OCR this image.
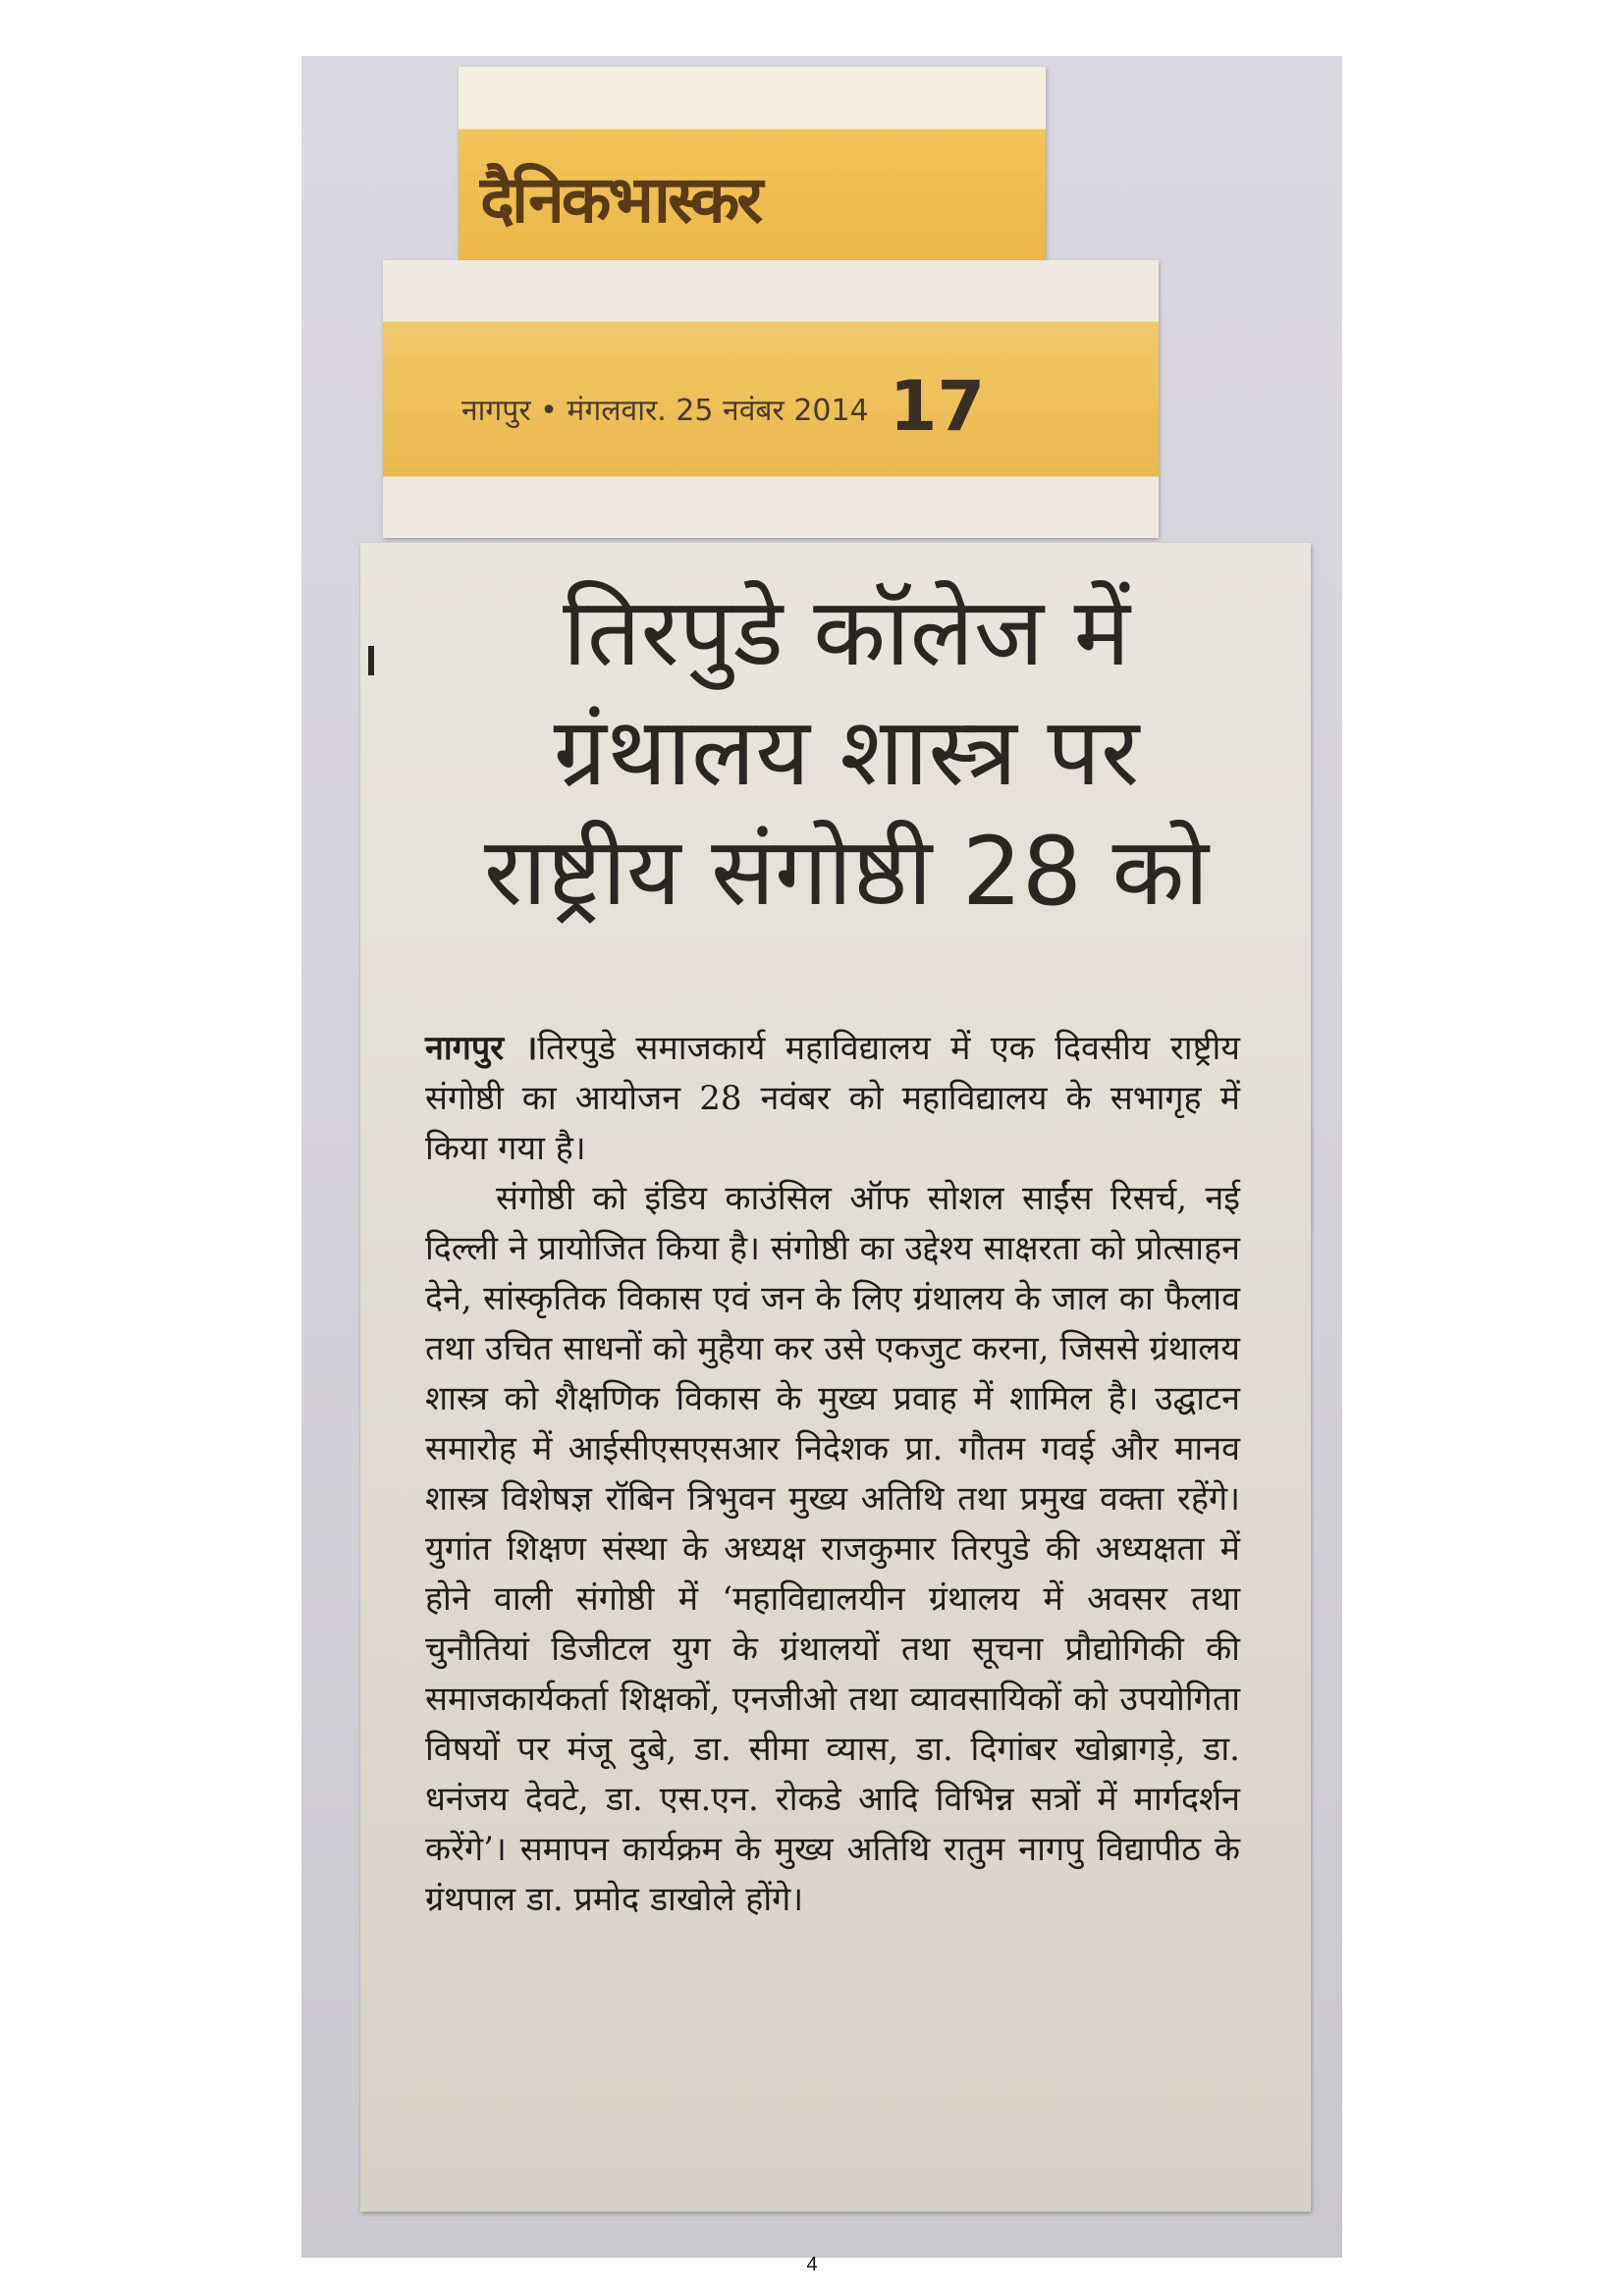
दैनिकभास्कर
नागपुर • मंगलवार. 25 नवंबर 2014 17
तिरपुडे कॉलेज में
ग्रंथालय शास्त्र पर
राष्ट्रीय संगोष्ठी 28 को

नागपुर ।तिरपुडे समाजकार्य महाविद्यालय में एक दिवसीय राष्ट्रीय संगोष्ठी का आयोजन 28 नवंबर को महाविद्यालय के सभागृह में किया गया है।

संगोष्ठी को इंडिय काउंसिल ऑफ सोशल साईंस रिसर्च, नई दिल्ली ने प्रायोजित किया है। संगोष्ठी का उद्देश्य साक्षरता को प्रोत्साहन देने, सांस्कृतिक विकास एवं जन के लिए ग्रंथालय के जाल का फैलाव तथा उचित साधनों को मुहैया कर उसे एकजुट करना, जिससे ग्रंथालय शास्त्र को शैक्षणिक विकास के मुख्य प्रवाह में शामिल है। उद्घाटन समारोह में आईसीएसएसआर निदेशक प्रा. गौतम गवई और मानव शास्त्र विशेषज्ञ रॉबिन त्रिभुवन मुख्य अतिथि तथा प्रमुख वक्ता रहेंगे। युगांत शिक्षण संस्था के अध्यक्ष राजकुमार तिरपुडे की अध्यक्षता में होने वाली संगोष्ठी में ‘महाविद्यालयीन ग्रंथालय में अवसर तथा चुनौतियां डिजीटल युग के ग्रंथालयों तथा सूचना प्रौद्योगिकी की समाजकार्यकर्ता शिक्षकों, एनजीओ तथा व्यावसायिकों को उपयोगिता विषयों पर मंजू दुबे, डा. सीमा व्यास, डा. दिगांबर खोब्रागड़े, डा. धनंजय देवटे, डा. एस.एन. रोकडे आदि विभिन्न सत्रों में मार्गदर्शन करेंगे’। समापन कार्यक्रम के मुख्य अतिथि रातुम नागपु विद्यापीठ के ग्रंथपाल डा. प्रमोद डाखोले होंगे।

4
